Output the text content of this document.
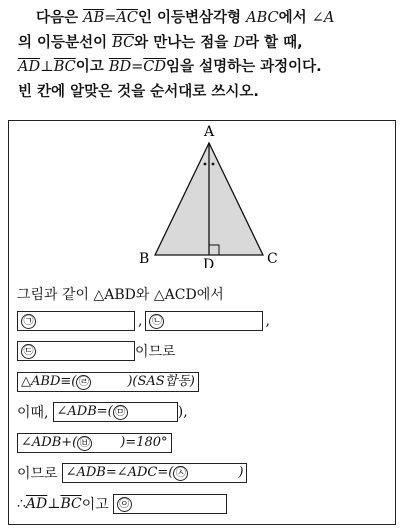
다음은 $\overline{AB}=\overline{AC}$인 이등변삼각형 ABC에서 ∠A
의 이등분선이 $\overline{BC}$와 만나는 점을 D라 할 때,
$\overline{AD}\perp\overline{BC}$이고 $\overline{BD}=\overline{CD}$임을 설명하는 과정이다.
빈 칸에 알맞은 것을 순서대로 쓰시오.
A
B	C
D
그림과 같이 △ABD와 △ACD에서
㉠	, ㉡	,
㉢	이므로
△ABD≡( ㉣	)(SAS합동)
이때, ∠ADB=( ㉤	),
∠ADB+( ㉥ )=180°
이므로 ∠ADB=∠ADC=( ㉦	)
∴ $\overline{AD}$ ⊥ $\overline{BC}$ 이고	㉧
